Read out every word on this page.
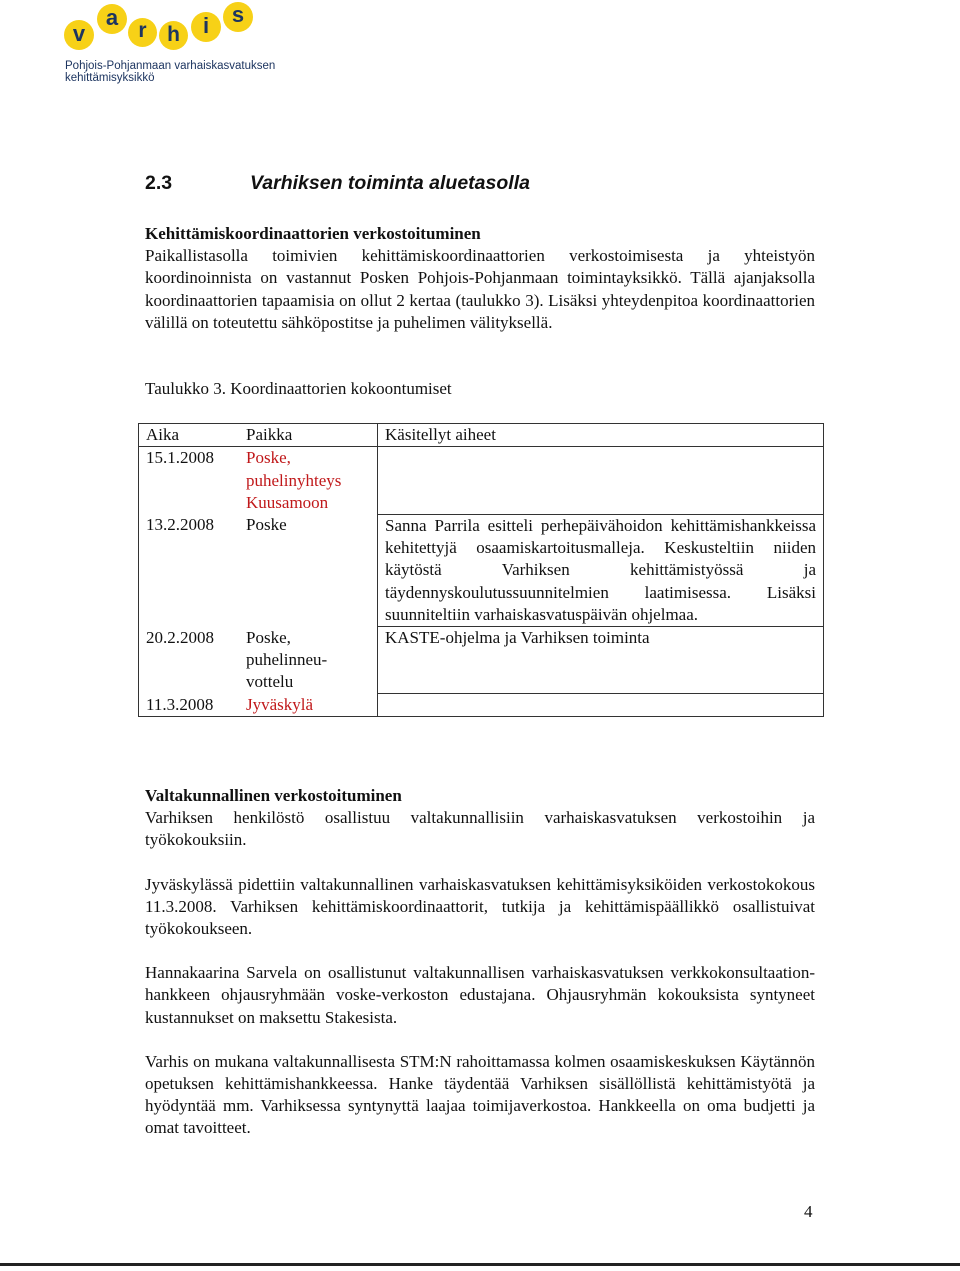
v
a
r h	i	s
Pohjois-Pohjanmaan varhaiskasvatuksen
kehittämisyksikkö
2.3	Varhiksen toiminta aluetasolla
Kehittämiskoordinaattorien verkostoituminen

Paikallistasolla toimivien kehittämiskoordinaattorien verkostoimisesta ja yhteistyön koordinoinnista on vastannut Posken Pohjois-Pohjanmaan toimintayksikkö. Tällä ajanjaksolla koordinaattorien tapaamisia on ollut 2 kertaa (taulukko 3). Lisäksi yhteydenpitoa koordinaattorien välillä on toteutettu sähköpostitse ja puhelimen välityksellä.

Taulukko 3. Koordinaattorien kokoontumiset
Aika	Paikka	Käsitellyt aiheet
15.1.2008	Poske, puhelinyhteys Kuusamoon	
13.2.2008	Poske	Sanna Parrila esitteli perhepäivähoidon kehittämishankkeissa kehitettyjä osaamiskartoitusmalleja. Keskusteltiin niiden käytöstä Varhiksen kehittämistyössä ja täydennyskoulutussuunnitelmien laatimisessa. Lisäksi suunniteltiin varhaiskasvatuspäivän ohjelmaa.
20.2.2008	Poske, puhelinneu-vottelu	KASTE-ohjelma ja Varhiksen toiminta
11.3.2008	Jyväskylä	
Valtakunnallinen verkostoituminen

Varhiksen henkilöstö osallistuu valtakunnallisiin varhaiskasvatuksen verkostoihin ja työkokouksiin.

Jyväskylässä pidettiin valtakunnallinen varhaiskasvatuksen kehittämisyksiköiden verkostokokous 11.3.2008. Varhiksen kehittämiskoordinaattorit, tutkija ja kehittämispäällikkö osallistuivat työkokoukseen.

Hannakaarina Sarvela on osallistunut valtakunnallisen varhaiskasvatuksen verkkokonsultaation-hankkeen ohjausryhmään voske-verkoston edustajana. Ohjausryhmän kokouksista syntyneet kustannukset on maksettu Stakesista.

Varhis on mukana valtakunnallisesta STM:N rahoittamassa kolmen osaamiskeskuksen Käytännön opetuksen kehittämishankkeessa. Hanke täydentää Varhiksen sisällöllistä kehittämistyötä ja hyödyntää mm. Varhiksessa syntynyttä laajaa toimijaverkostoa. Hankkeella on oma budjetti ja omat tavoitteet.

4
